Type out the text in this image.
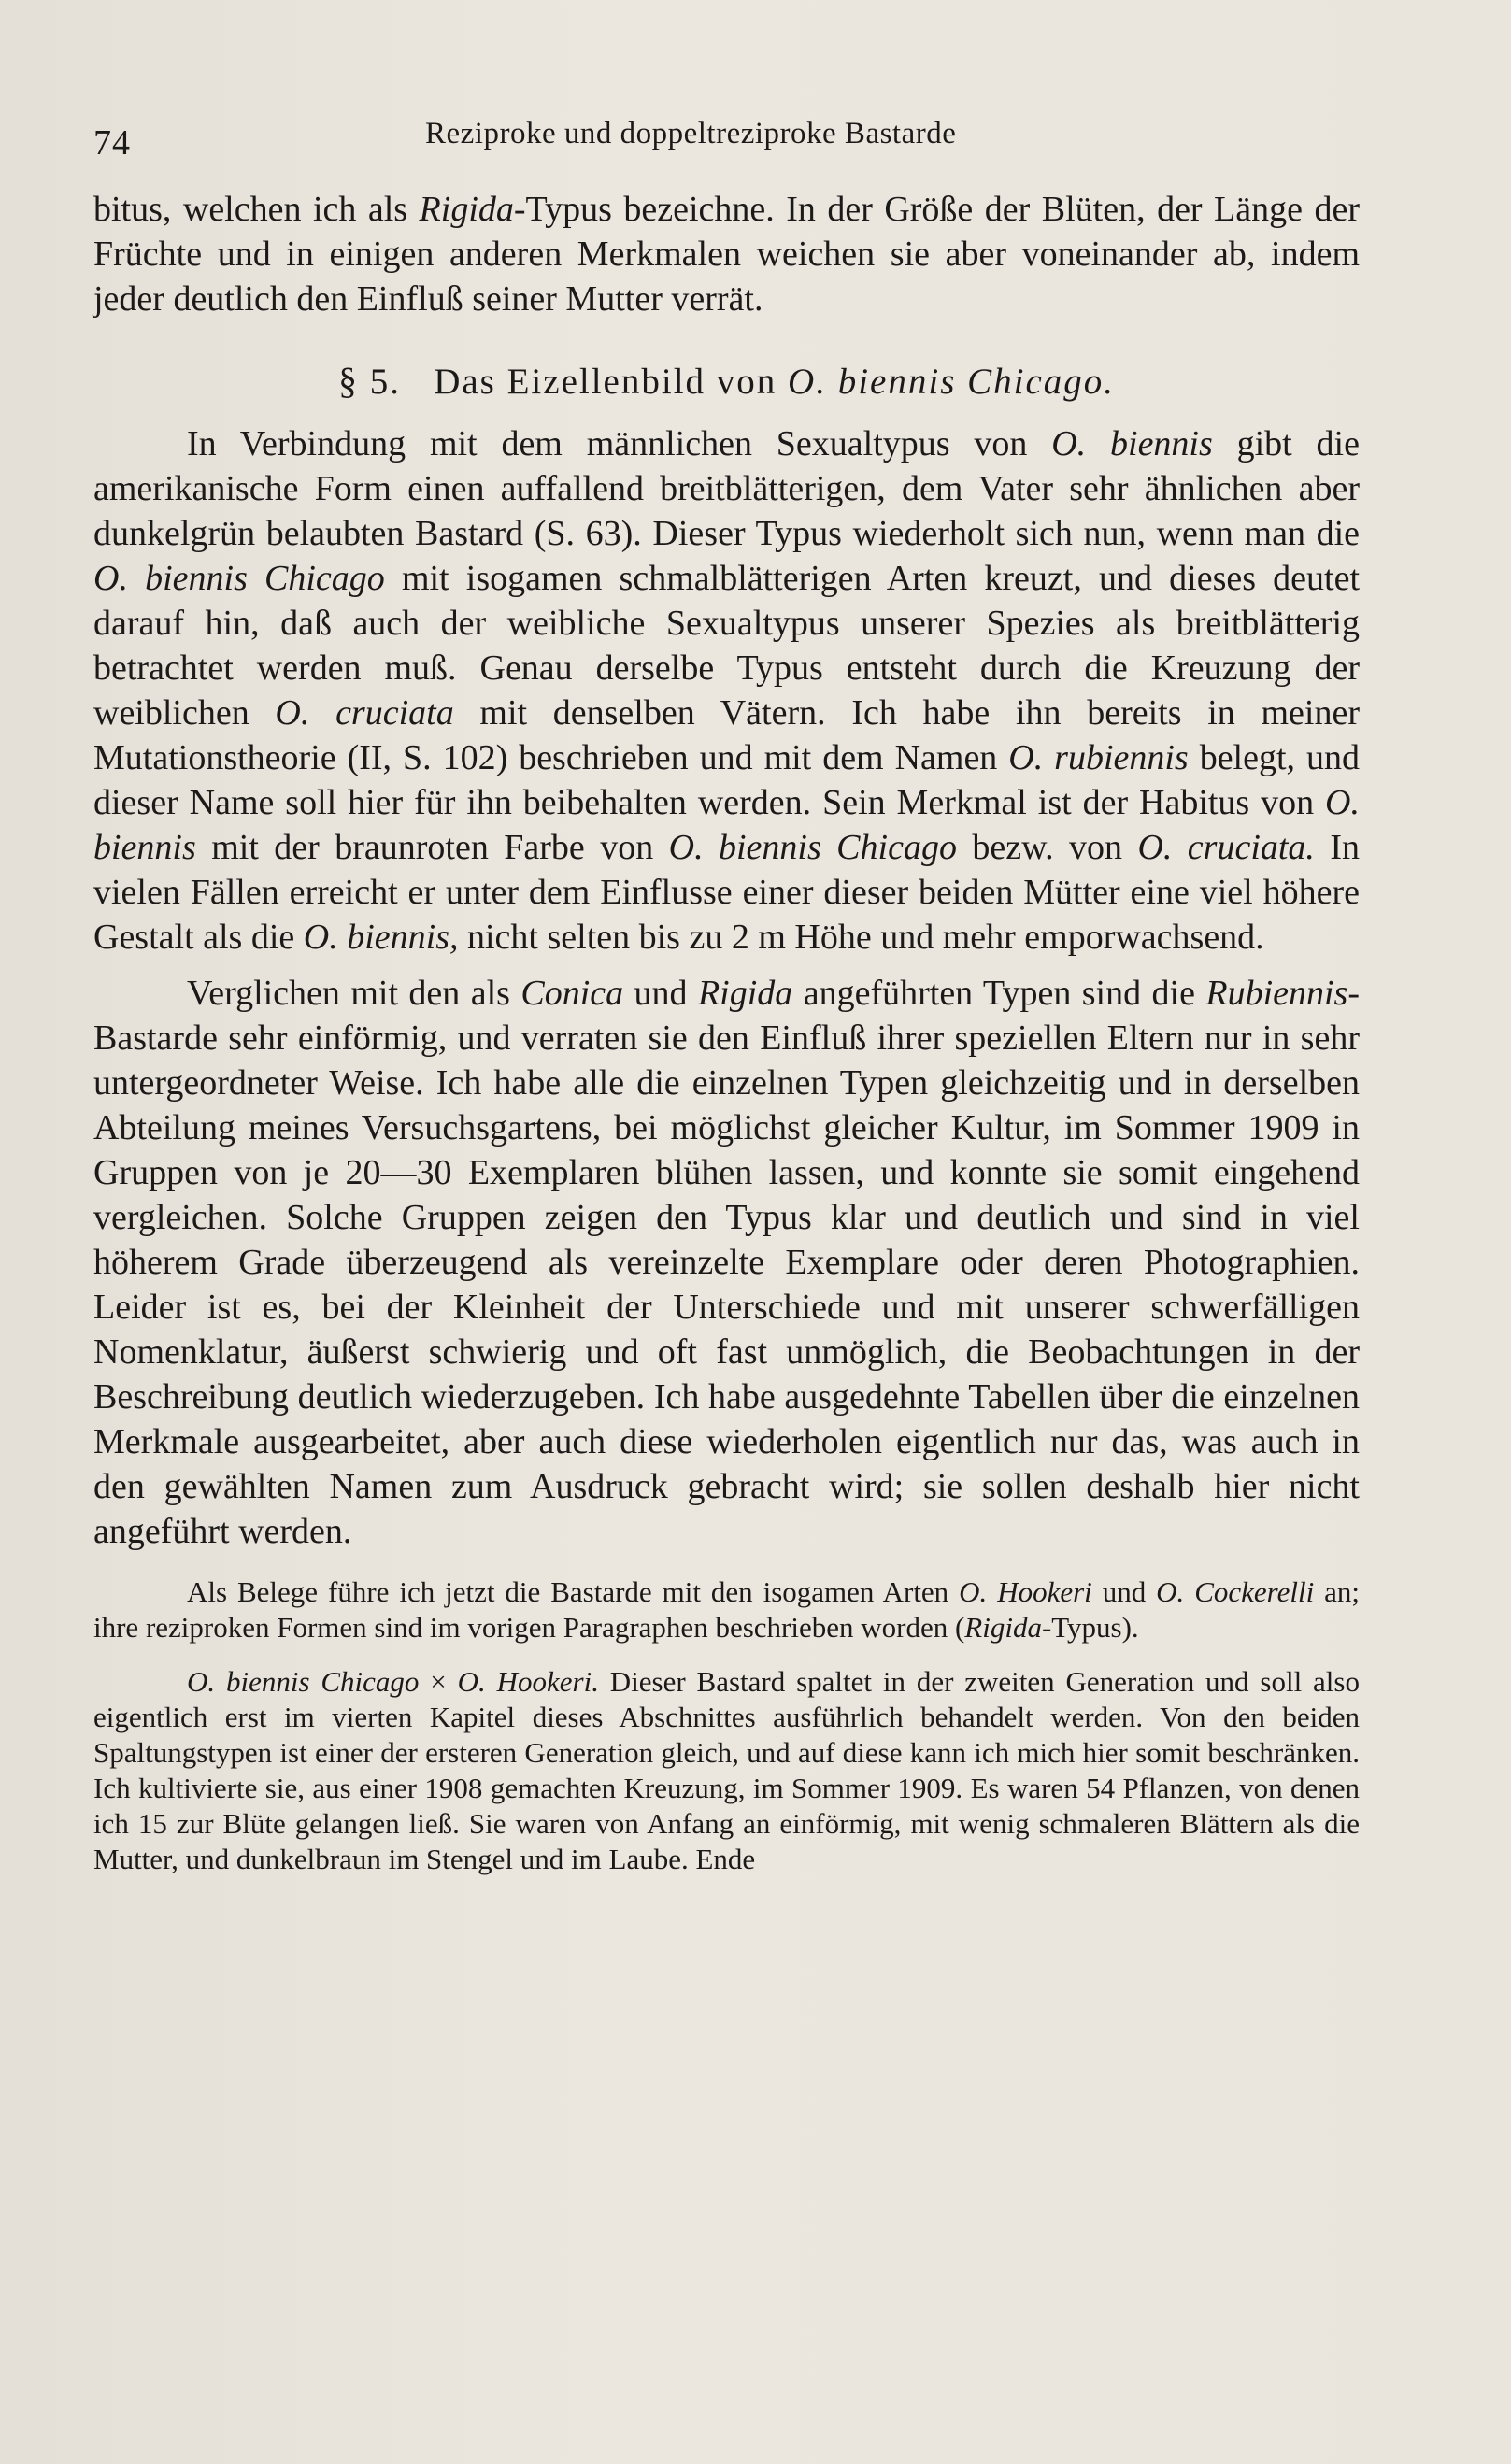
74	Reziproke und doppeltreziproke Bastarde

bitus, welchen ich als Rigida-Typus bezeichne. In der Größe der Blüten, der Länge der Früchte und in einigen anderen Merkmalen weichen sie aber voneinander ab, indem jeder deutlich den Einfluß seiner Mutter verrät.

§ 5. Das Eizellenbild von O. biennis Chicago.

In Verbindung mit dem männlichen Sexualtypus von O. biennis gibt die amerikanische Form einen auffallend breitblätterigen, dem Vater sehr ähnlichen aber dunkelgrün belaubten Bastard (S. 63). Dieser Typus wiederholt sich nun, wenn man die O. biennis Chicago mit isogamen schmalblätterigen Arten kreuzt, und dieses deutet darauf hin, daß auch der weibliche Sexualtypus unserer Spezies als breitblätterig betrachtet werden muß. Genau derselbe Typus entsteht durch die Kreuzung der weiblichen O. cruciata mit denselben Vätern. Ich habe ihn bereits in meiner Mutationstheorie (II, S. 102) beschrieben und mit dem Namen O. rubiennis belegt, und dieser Name soll hier für ihn beibehalten werden. Sein Merkmal ist der Habitus von O. biennis mit der braunroten Farbe von O. biennis Chicago bezw. von O. cruciata. In vielen Fällen erreicht er unter dem Einflusse einer dieser beiden Mütter eine viel höhere Gestalt als die O. biennis, nicht selten bis zu 2 m Höhe und mehr emporwachsend.

Verglichen mit den als Conica und Rigida angeführten Typen sind die Rubiennis-Bastarde sehr einförmig, und verraten sie den Einfluß ihrer speziellen Eltern nur in sehr untergeordneter Weise. Ich habe alle die einzelnen Typen gleichzeitig und in derselben Abteilung meines Versuchsgartens, bei möglichst gleicher Kultur, im Sommer 1909 in Gruppen von je 20—30 Exemplaren blühen lassen, und konnte sie somit eingehend vergleichen. Solche Gruppen zeigen den Typus klar und deutlich und sind in viel höherem Grade überzeugend als vereinzelte Exemplare oder deren Photographien. Leider ist es, bei der Kleinheit der Unterschiede und mit unserer schwerfälligen Nomenklatur, äußerst schwierig und oft fast unmöglich, die Beobachtungen in der Beschreibung deutlich wiederzugeben. Ich habe ausgedehnte Tabellen über die einzelnen Merkmale ausgearbeitet, aber auch diese wiederholen eigentlich nur das, was auch in den gewählten Namen zum Ausdruck gebracht wird; sie sollen deshalb hier nicht angeführt werden.

Als Belege führe ich jetzt die Bastarde mit den isogamen Arten O. Hookeri und O. Cockerelli an; ihre reziproken Formen sind im vorigen Paragraphen beschrieben worden (Rigida-Typus).

O. biennis Chicago × O. Hookeri. Dieser Bastard spaltet in der zweiten Generation und soll also eigentlich erst im vierten Kapitel dieses Abschnittes ausführlich behandelt werden. Von den beiden Spaltungstypen ist einer der ersteren Generation gleich, und auf diese kann ich mich hier somit beschränken. Ich kultivierte sie, aus einer 1908 gemachten Kreuzung, im Sommer 1909. Es waren 54 Pflanzen, von denen ich 15 zur Blüte gelangen ließ. Sie waren von Anfang an einförmig, mit wenig schmaleren Blättern als die Mutter, und dunkelbraun im Stengel und im Laube. Ende
